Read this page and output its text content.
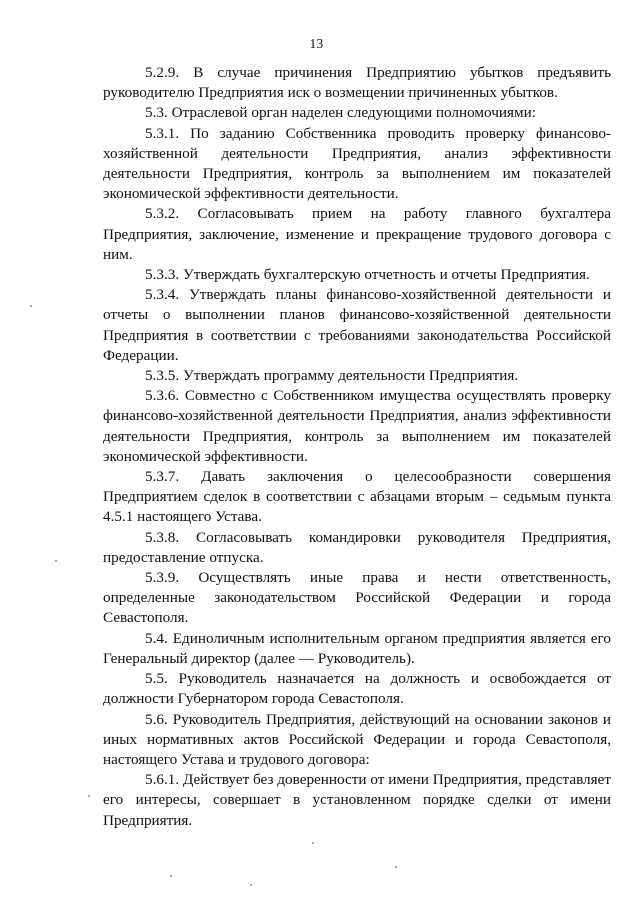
13

5.2.9. В случае причинения Предприятию убытков предъявить руководителю Предприятия иск о возмещении причиненных убытков.

5.3. Отраслевой орган наделен следующими полномочиями:

5.3.1. По заданию Собственника проводить проверку финансово-хозяйственной деятельности Предприятия, анализ эффективности деятельности Предприятия, контроль за выполнением им показателей экономической эффективности деятельности.

5.3.2. Согласовывать прием на работу главного бухгалтера Предприятия, заключение, изменение и прекращение трудового договора с ним.

5.3.3. Утверждать бухгалтерскую отчетность и отчеты Предприятия.

5.3.4. Утверждать планы финансово-хозяйственной деятельности и отчеты о выполнении планов финансово-хозяйственной деятельности Предприятия в соответствии с требованиями законодательства Российской Федерации.

5.3.5. Утверждать программу деятельности Предприятия.

5.3.6. Совместно с Собственником имущества осуществлять проверку финансово-хозяйственной деятельности Предприятия, анализ эффективности деятельности Предприятия, контроль за выполнением им показателей экономической эффективности.

5.3.7. Давать заключения о целесообразности совершения Предприятием сделок в соответствии с абзацами вторым – седьмым пункта 4.5.1 настоящего Устава.

5.3.8. Согласовывать командировки руководителя Предприятия, предоставление отпуска.

5.3.9. Осуществлять иные права и нести ответственность, определенные законодательством Российской Федерации и города Севастополя.

5.4. Единоличным исполнительным органом предприятия является его Генеральный директор (далее — Руководитель).

5.5. Руководитель назначается на должность и освобождается от должности Губернатором города Севастополя.

5.6. Руководитель Предприятия, действующий на основании законов и иных нормативных актов Российской Федерации и города Севастополя, настоящего Устава и трудового договора:

5.6.1. Действует без доверенности от имени Предприятия, представляет его интересы, совершает в установленном порядке сделки от имени Предприятия.
